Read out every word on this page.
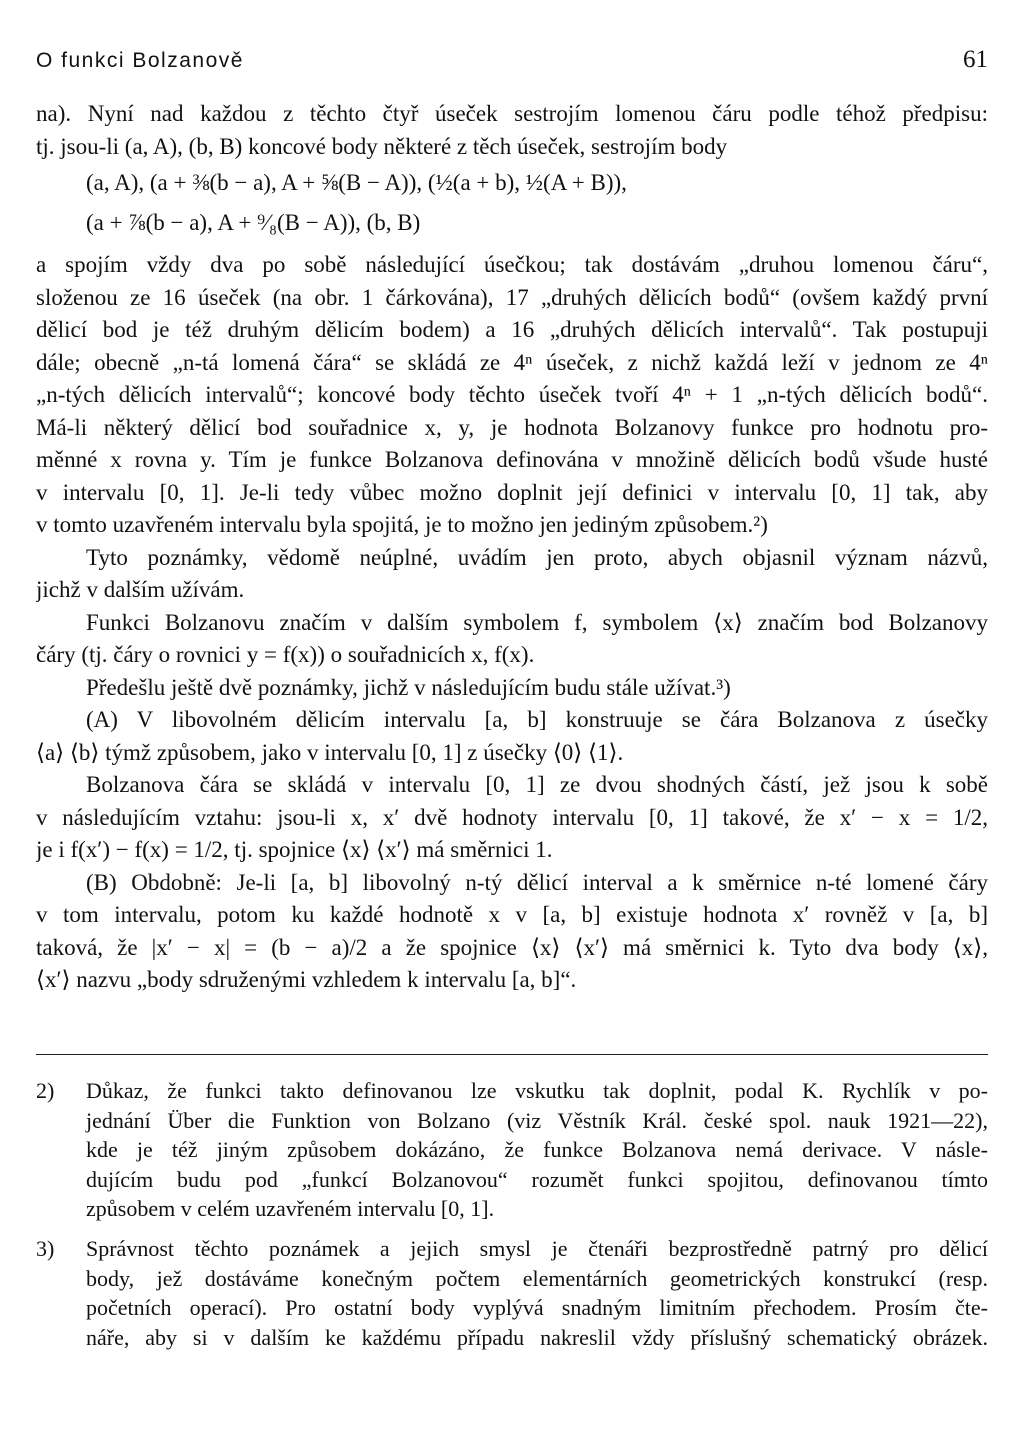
O funkci Bolzanově	61
na). Nyní nad každou z těchto čtyř úseček sestrojím lomenou čáru podle téhož předpisu:
tj. jsou-li (a, A), (b, B) koncové body některé z těch úseček, sestrojím body
(a, A), (a + ⅜(b − a), A + ⅝(B − A)), (½(a + b), ½(A + B)),
(a + ⅞(b − a), A + ⁹⁄₈(B − A)), (b, B)
a spojím vždy dva po sobě následující úsečkou; tak dostávám „druhou lomenou čáru“,
složenou ze 16 úseček (na obr. 1 čárkována), 17 „druhých dělicích bodů“ (ovšem každý první
dělicí bod je též druhým dělicím bodem) a 16 „druhých dělicích intervalů“. Tak postupuji
dále; obecně „n-tá lomená čára“ se skládá ze 4ⁿ úseček, z nichž každá leží v jednom ze 4ⁿ
„n-tých dělicích intervalů“; koncové body těchto úseček tvoří 4ⁿ + 1 „n-tých dělicích bodů“.
Má-li některý dělicí bod souřadnice x, y, je hodnota Bolzanovy funkce pro hodnotu pro-
měnné x rovna y. Tím je funkce Bolzanova definována v množině dělicích bodů všude husté
v intervalu [0, 1]. Je-li tedy vůbec možno doplnit její definici v intervalu [0, 1] tak, aby
v tomto uzavřeném intervalu byla spojitá, je to možno jen jediným způsobem.²)
Tyto poznámky, vědomě neúplné, uvádím jen proto, abych objasnil význam názvů,
jichž v dalším užívám.
Funkci Bolzanovu značím v dalším symbolem f, symbolem ⟨x⟩ značím bod Bolzanovy
čáry (tj. čáry o rovnici y = f(x)) o souřadnicích x, f(x).
Předešlu ještě dvě poznámky, jichž v následujícím budu stále užívat.³)
(A) V libovolném dělicím intervalu [a, b] konstruuje se čára Bolzanova z úsečky
⟨a⟩ ⟨b⟩ týmž způsobem, jako v intervalu [0, 1] z úsečky ⟨0⟩ ⟨1⟩.
Bolzanova čára se skládá v intervalu [0, 1] ze dvou shodných částí, jež jsou k sobě
v následujícím vztahu: jsou-li x, x′ dvě hodnoty intervalu [0, 1] takové, že x′ − x = 1/2,
je i f(x′) − f(x) = 1/2, tj. spojnice ⟨x⟩ ⟨x′⟩ má směrnici 1.
(B) Obdobně: Je-li [a, b] libovolný n-tý dělicí interval a k směrnice n-té lomené čáry
v tom intervalu, potom ku každé hodnotě x v [a, b] existuje hodnota x′ rovněž v [a, b]
taková, že |x′ − x| = (b − a)/2 a že spojnice ⟨x⟩ ⟨x′⟩ má směrnici k. Tyto dva body ⟨x⟩,
⟨x′⟩ nazvu „body sdruženými vzhledem k intervalu [a, b]“.
2)	Důkaz, že funkci takto definovanou lze vskutku tak doplnit, podal K. Rychlík v po-
jednání Über die Funktion von Bolzano (viz Věstník Král. české spol. nauk 1921—22),
kde je též jiným způsobem dokázáno, že funkce Bolzanova nemá derivace. V násle-
dujícím budu pod „funkcí Bolzanovou“ rozumět funkci spojitou, definovanou tímto
způsobem v celém uzavřeném intervalu [0, 1].
3)	Správnost těchto poznámek a jejich smysl je čtenáři bezprostředně patrný pro dělicí
body, jež dostáváme konečným počtem elementárních geometrických konstrukcí (resp.
početních operací). Pro ostatní body vyplývá snadným limitním přechodem. Prosím čte-
náře, aby si v dalším ke každému případu nakreslil vždy příslušný schematický obrázek.
